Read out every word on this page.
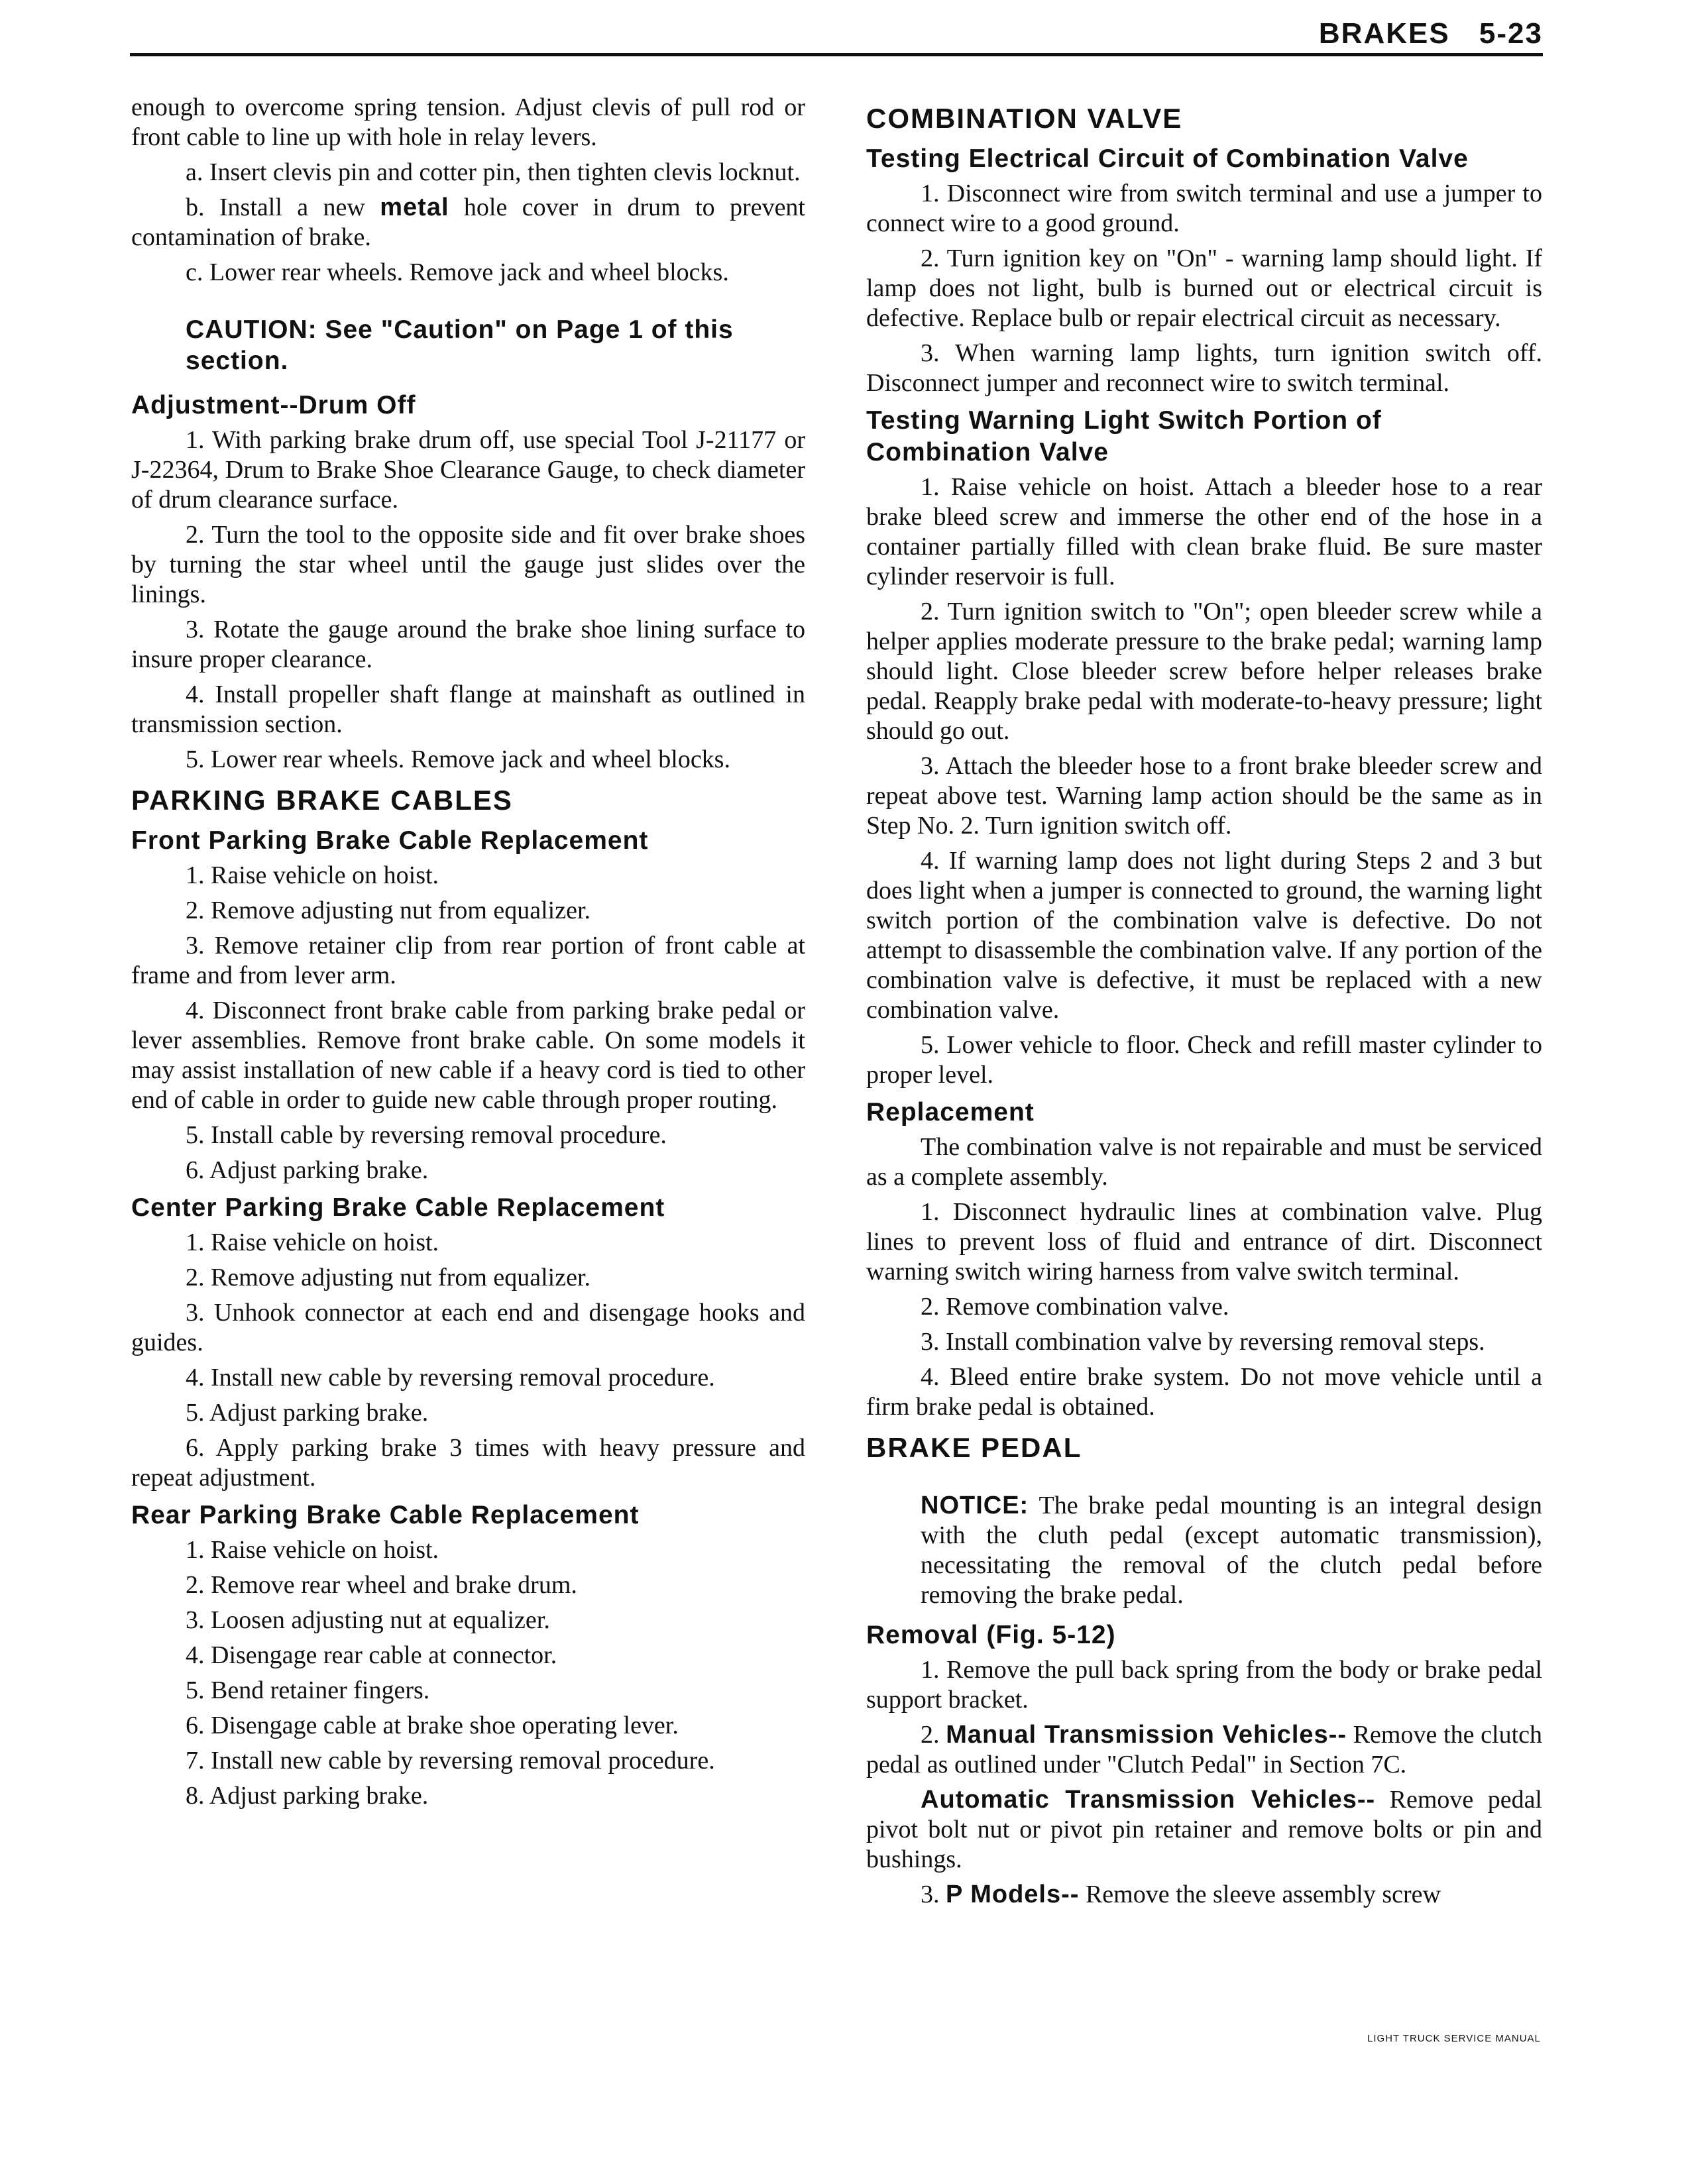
BRAKES 5-23
enough to overcome spring tension. Adjust clevis of pull rod or front cable to line up with hole in relay levers.
a. Insert clevis pin and cotter pin, then tighten clevis locknut.
b. Install a new metal hole cover in drum to prevent contamination of brake.
c. Lower rear wheels. Remove jack and wheel blocks.
CAUTION: See "Caution" on Page 1 of this section.
Adjustment--Drum Off
1. With parking brake drum off, use special Tool J-21177 or J-22364, Drum to Brake Shoe Clearance Gauge, to check diameter of drum clearance surface.
2. Turn the tool to the opposite side and fit over brake shoes by turning the star wheel until the gauge just slides over the linings.
3. Rotate the gauge around the brake shoe lining surface to insure proper clearance.
4. Install propeller shaft flange at mainshaft as outlined in transmission section.
5. Lower rear wheels. Remove jack and wheel blocks.
PARKING BRAKE CABLES
Front Parking Brake Cable Replacement
1. Raise vehicle on hoist.
2. Remove adjusting nut from equalizer.
3. Remove retainer clip from rear portion of front cable at frame and from lever arm.
4. Disconnect front brake cable from parking brake pedal or lever assemblies. Remove front brake cable. On some models it may assist installation of new cable if a heavy cord is tied to other end of cable in order to guide new cable through proper routing.
5. Install cable by reversing removal procedure.
6. Adjust parking brake.
Center Parking Brake Cable Replacement
1. Raise vehicle on hoist.
2. Remove adjusting nut from equalizer.
3. Unhook connector at each end and disengage hooks and guides.
4. Install new cable by reversing removal procedure.
5. Adjust parking brake.
6. Apply parking brake 3 times with heavy pressure and repeat adjustment.
Rear Parking Brake Cable Replacement
1. Raise vehicle on hoist.
2. Remove rear wheel and brake drum.
3. Loosen adjusting nut at equalizer.
4. Disengage rear cable at connector.
5. Bend retainer fingers.
6. Disengage cable at brake shoe operating lever.
7. Install new cable by reversing removal procedure.
8. Adjust parking brake.
COMBINATION VALVE
Testing Electrical Circuit of Combination Valve
1. Disconnect wire from switch terminal and use a jumper to connect wire to a good ground.
2. Turn ignition key on "On" - warning lamp should light. If lamp does not light, bulb is burned out or electrical circuit is defective. Replace bulb or repair electrical circuit as necessary.
3. When warning lamp lights, turn ignition switch off. Disconnect jumper and reconnect wire to switch terminal.
Testing Warning Light Switch Portion of Combination Valve
1. Raise vehicle on hoist. Attach a bleeder hose to a rear brake bleed screw and immerse the other end of the hose in a container partially filled with clean brake fluid. Be sure master cylinder reservoir is full.
2. Turn ignition switch to "On"; open bleeder screw while a helper applies moderate pressure to the brake pedal; warning lamp should light. Close bleeder screw before helper releases brake pedal. Reapply brake pedal with moderate-to-heavy pressure; light should go out.
3. Attach the bleeder hose to a front brake bleeder screw and repeat above test. Warning lamp action should be the same as in Step No. 2. Turn ignition switch off.
4. If warning lamp does not light during Steps 2 and 3 but does light when a jumper is connected to ground, the warning light switch portion of the combination valve is defective. Do not attempt to disassemble the combination valve. If any portion of the combination valve is defective, it must be replaced with a new combination valve.
5. Lower vehicle to floor. Check and refill master cylinder to proper level.
Replacement
The combination valve is not repairable and must be serviced as a complete assembly.
1. Disconnect hydraulic lines at combination valve. Plug lines to prevent loss of fluid and entrance of dirt. Disconnect warning switch wiring harness from valve switch terminal.
2. Remove combination valve.
3. Install combination valve by reversing removal steps.
4. Bleed entire brake system. Do not move vehicle until a firm brake pedal is obtained.
BRAKE PEDAL
NOTICE: The brake pedal mounting is an integral design with the cluth pedal (except automatic transmission), necessitating the removal of the clutch pedal before removing the brake pedal.
Removal (Fig. 5-12)
1. Remove the pull back spring from the body or brake pedal support bracket.
2. Manual Transmission Vehicles-- Remove the clutch pedal as outlined under "Clutch Pedal" in Section 7C.
Automatic Transmission Vehicles-- Remove pedal pivot bolt nut or pivot pin retainer and remove bolts or pin and bushings.
3. P Models-- Remove the sleeve assembly screw
LIGHT TRUCK SERVICE MANUAL
